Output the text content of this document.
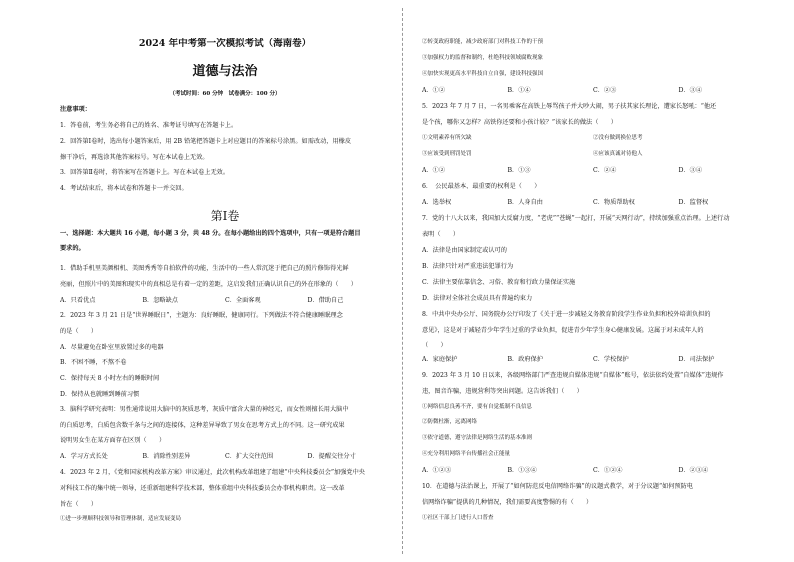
2024 年中考第一次模拟考试（海南卷）
道德与法治
（考试时间：60 分钟　试卷满分：100 分）
注意事项：
1．答卷前，考生务必将自己的姓名、准考证号填写在答题卡上。
2．回答第Ⅰ卷时，选出每小题答案后，用 2B 铅笔把答题卡上对应题目的答案标号涂黑。如需改动，用橡皮
擦干净后，再选涂其他答案标号。写在本试卷上无效。
3．回答第Ⅱ卷时，将答案写在答题卡上。写在本试卷上无效。
4．考试结束后，将本试卷和答题卡一并交回。
第Ⅰ卷
一、选择题：本大题共 16 小题，每小题 3 分，共 48 分。在每小题给出的四个选项中，只有一项是符合题目
要求的。
1．借助手机里美颜相机、美图秀秀等自拍软件的功能，生活中的一些人常沉迷于把自己的照片修饰得光鲜
亮丽，但照片中的美图和现实中的真相总是有着一定的差距，这启发我们正确认识自己的外在形象的（　　）
A．只看优点	B．忽略缺点	C．全面客观	D．借助自己
2．2023 年 3 月 21 日是“世界睡眠日”，主题为：良好睡眠，健康同行。下列做法不符合健康睡眠理念
的是（　　）
A．尽量避免在卧室里放置过多的电器
B．不困不睡，不熬不卷
C．保持每天 8 小时左右的睡眠时间
D．保持从也就睡到睡前习惯
3．脑科学研究表明：男性通常说用大脑中的灰质思考，灰质中富含大量的神经元，而女性则擅长用大脑中
的白质思考，白质包含数千条与之间的连接体，这种差异导致了男女在思考方式上的不同。这一研究成果
说明男女生在某方面存在区别（　　）
A．学习方式长处	B．消除性别差异	C．扩大交往范围	D．提醒交往分寸
4．2023 年 2 月，《党和国家机构改革方案》审议通过，此次机构改革组建了组建“中央科技委员会”加强党中央
对科技工作的集中统一领导，还重新组建科学技术部，整体重组中央科技委员会办事机构职责。这一改革
旨在（　　）
①进一步理顺科技领导和管理体制，适应发展变局
②转变政府职能，减少政府部门对科技工作的干预
③加强权力的监督和制约，杜绝科技领域腐败现象
④加快实现更高水平科技自立自强，建设科技强国
A．①②	B．①④	C．②③	D．③④
5．2023 年 7 月 7 日，一名男乘客在高铁上辱骂孩子并大吵大闹，男子扶其家长理论，遭家长怒吼：“他还
是个孩，哪你又怎样？高铁你还要和小孩计较？”该家长的做法（　　）
①文明素养有所欠缺	②没有做到换位思考
③应该受到刑罚处罚	④应该真诚对待他人
A．①②	B．①③	C．②④	D．③④
6．　公民最基本、最重要的权利是（　　）
A．选举权	B．人身自由	C．物质帮助权	D．监督权
7．党的十八大以来，我国加大反腐力度，“老虎”“苍蝇”一起打，开展“天网行动”，持续加强重点治理。上述行动
表明（　　）
A．法律是由国家制定或认可的
B．法律只针对严重违法犯罪行为
C．法律主要依靠信念、习俗、教育和行政力量保证实施
D．法律对全体社会成员具有普遍约束力
8．中共中央办公厅、国务院办公厅印发了《关于进一步减轻义务教育阶段学生作业负担和校外培训负担的
意见》，这是对于减轻青少年学生过重的学业负担，促进青少年学生身心健康发展。这属于对未成年人的
（　　）
A．家庭保护	B．政府保护	C．学校保护	D．司法保护
9．2023 年 3 月 10 日以来，各级网络部门严查违规自媒体违规“自媒体”账号，依法依约处置“自媒体”违规作
违，图音诈骗，违规营利等突出问题。这告诉我们（　　）
①网络信息良莠不齐，要有自觉抵制不良信息
②防微杜渐，远离网络
③依守道德，遵守法律是网络生活的基本准则
④充分利用网络平台传播社会正能量
A．①②③	B．①③④	C．①②④	D．②③④
10．在道德与法治课上，开展了“如何防范反电信网络诈骗”的议题式教学，对于分议题“如何预防电
信网络诈骗”提供的几种情况，我们需要高度警惕的有（　　）
①社区干部上门进行人口普查
